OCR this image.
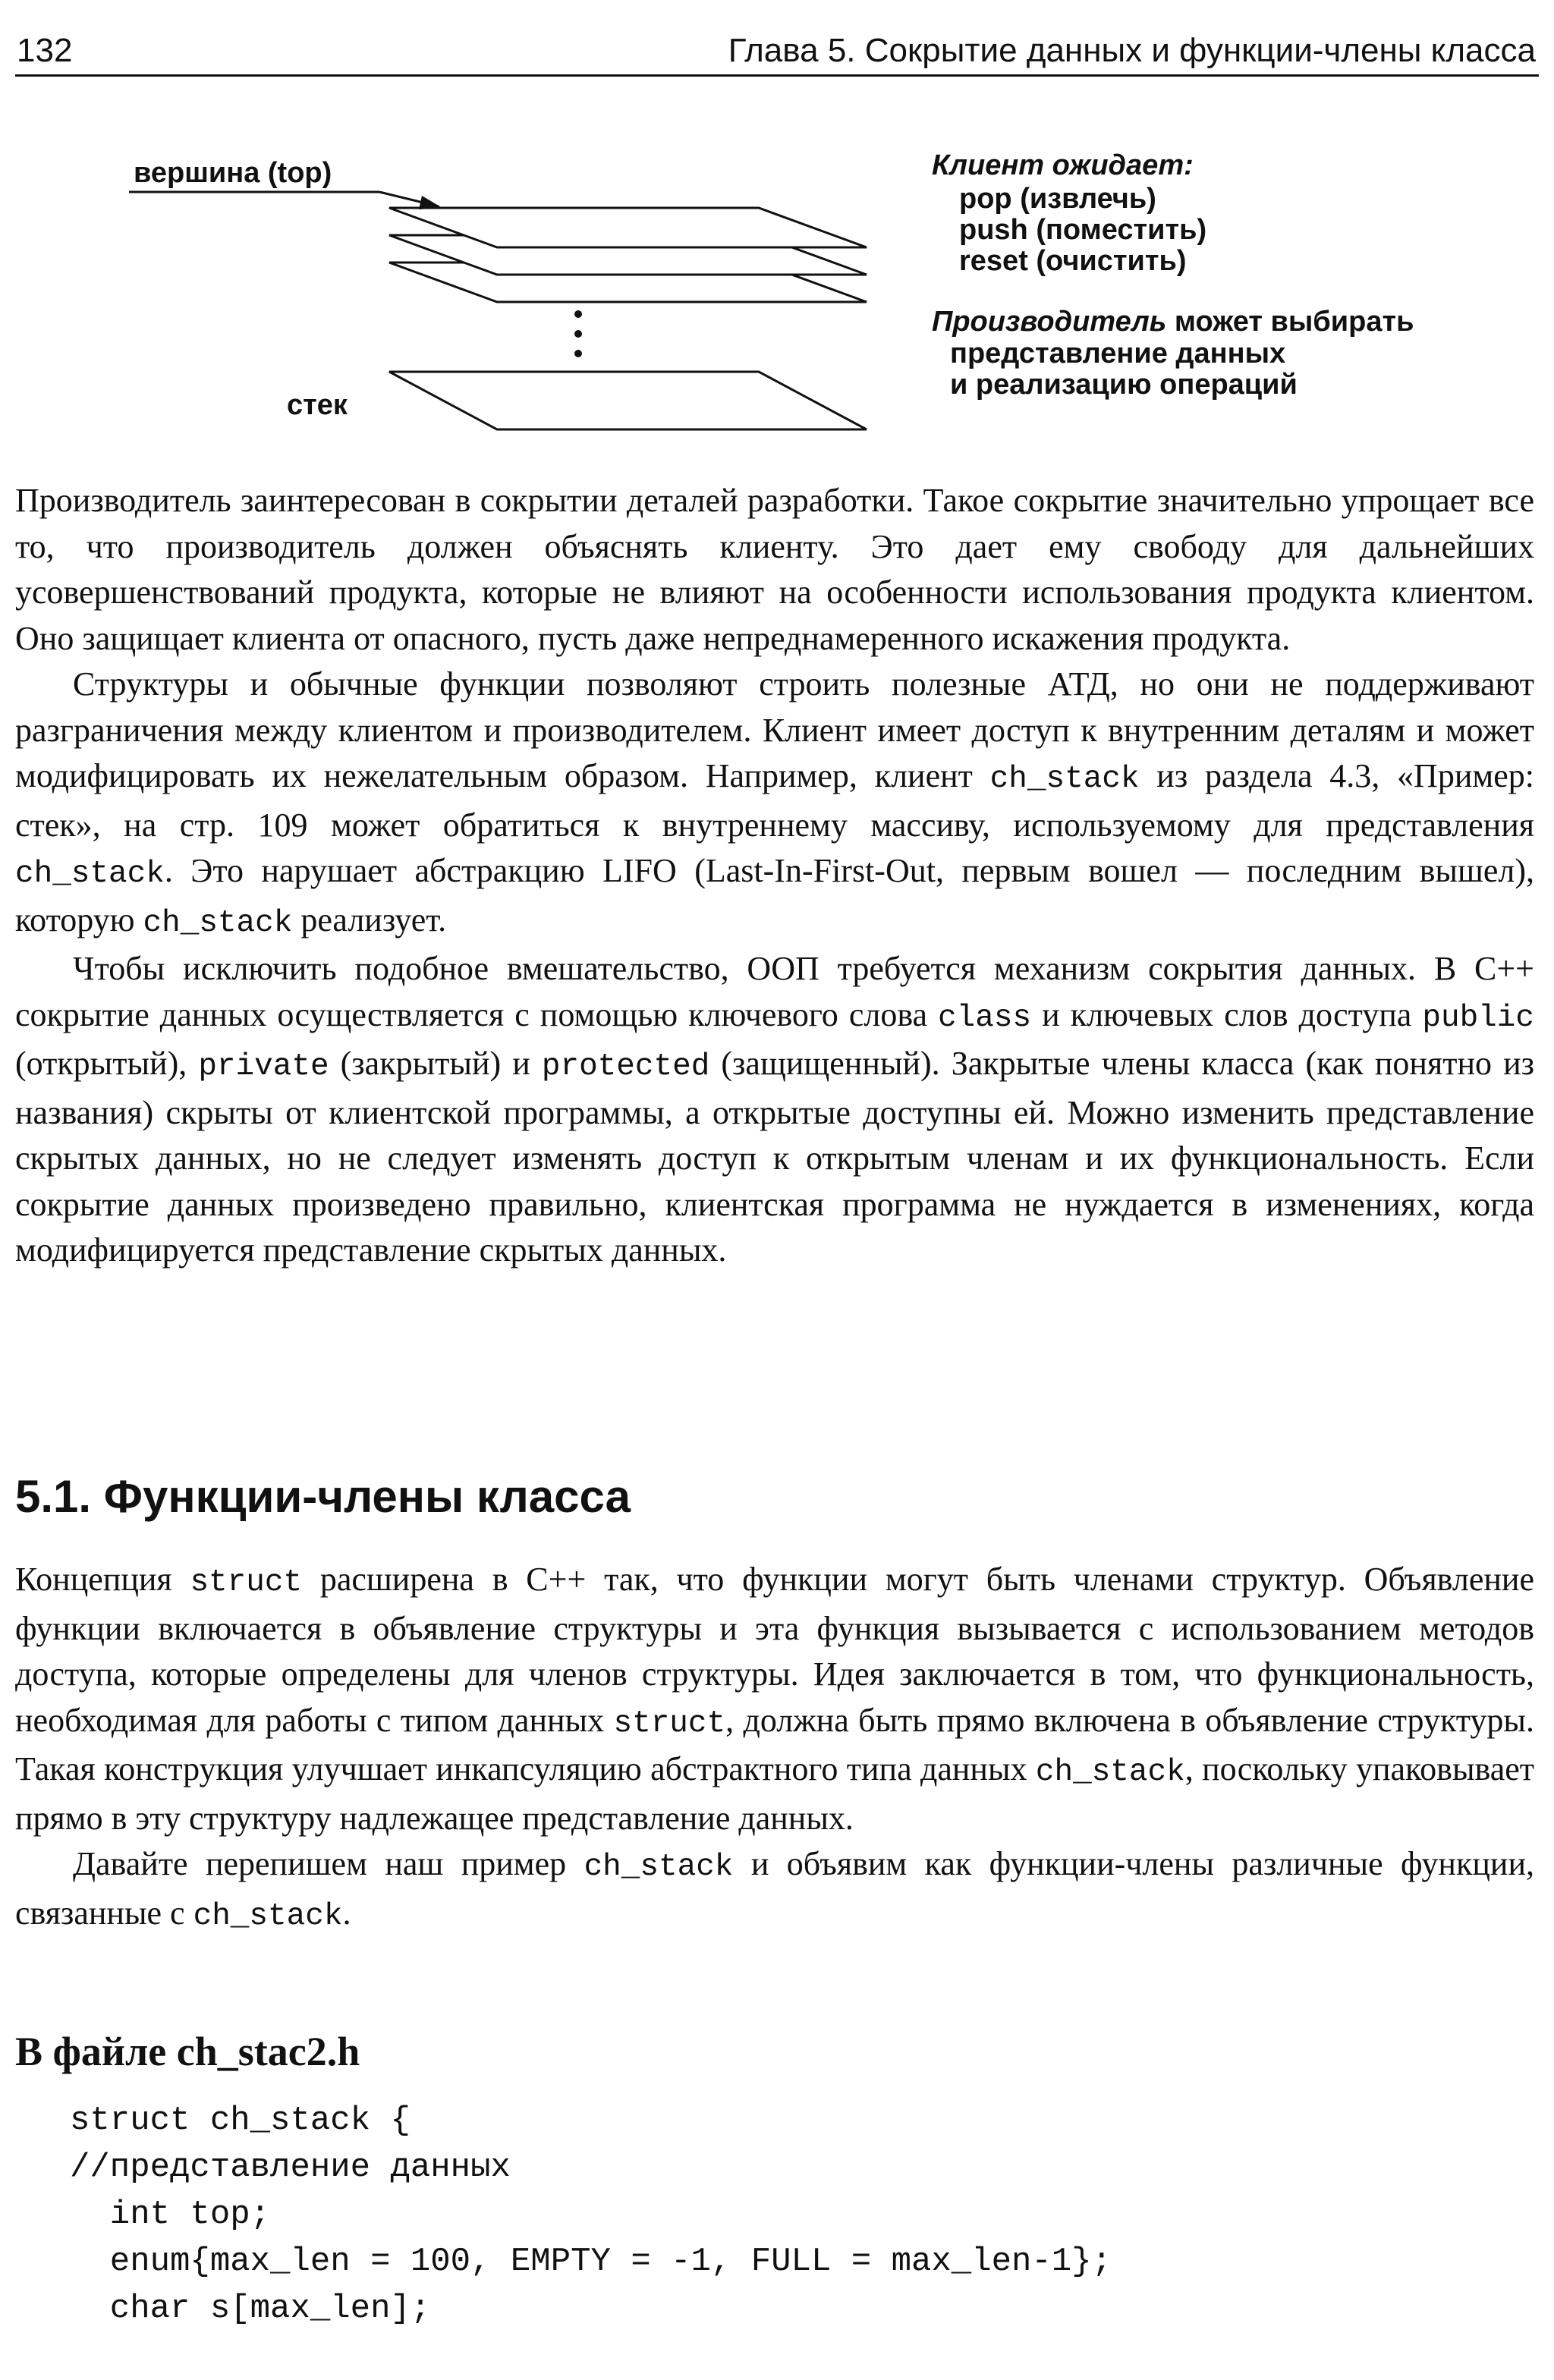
132	Глава 5. Сокрытие данных и функции-члены класса
вершина (top)
стек
Клиент ожидает:
pop (извлечь)
push (поместить)
reset (очистить)
Производитель может выбирать
представление данных
и реализацию операций

Производитель заинтересован в сокрытии деталей разработки. Такое сокрытие значительно упрощает все то, что производитель должен объяснять клиенту. Это дает ему свободу для дальнейших усовершенствований продукта, которые не влияют на особенности использования продукта клиентом. Оно защищает клиента от опасного, пусть даже непреднамеренного искажения продукта.

Структуры и обычные функции позволяют строить полезные АТД, но они не поддерживают разграничения между клиентом и производителем. Клиент имеет доступ к внутренним деталям и может модифицировать их нежелательным образом. Например, клиент ch_stack из раздела 4.3, «Пример: стек», на стр. 109 может обратиться к внутреннему массиву, используемому для представления ch_stack. Это нарушает абстракцию LIFO (Last-In-First-Out, первым вошел — последним вышел), которую ch_stack реализует.

Чтобы исключить подобное вмешательство, ООП требуется механизм сокрытия данных. В C++ сокрытие данных осуществляется с помощью ключевого слова class и ключевых слов доступа public (открытый), private (закрытый) и protected (защищенный). Закрытые члены класса (как понятно из названия) скрыты от клиентской программы, а открытые доступны ей. Можно изменить представление скрытых данных, но не следует изменять доступ к открытым членам и их функциональность. Если сокрытие данных произведено правильно, клиентская программа не нуждается в изменениях, когда модифицируется представление скрытых данных.

5.1. Функции-члены класса

Концепция struct расширена в C++ так, что функции могут быть членами структур. Объявление функции включается в объявление структуры и эта функция вызывается с использованием методов доступа, которые определены для членов структуры. Идея заключается в том, что функциональность, необходимая для работы с типом данных struct, должна быть прямо включена в объявление структуры. Такая конструкция улучшает инкапсуляцию абстрактного типа данных ch_stack, поскольку упаковывает прямо в эту структуру надлежащее представление данных.

Давайте перепишем наш пример ch_stack и объявим как функции-члены различные функции, связанные с ch_stack.

В файле ch_stac2.h
struct ch_stack {
//представление данных
int top;
enum{max_len = 100, EMPTY = -1, FULL = max_len-1};
char s[max_len];
